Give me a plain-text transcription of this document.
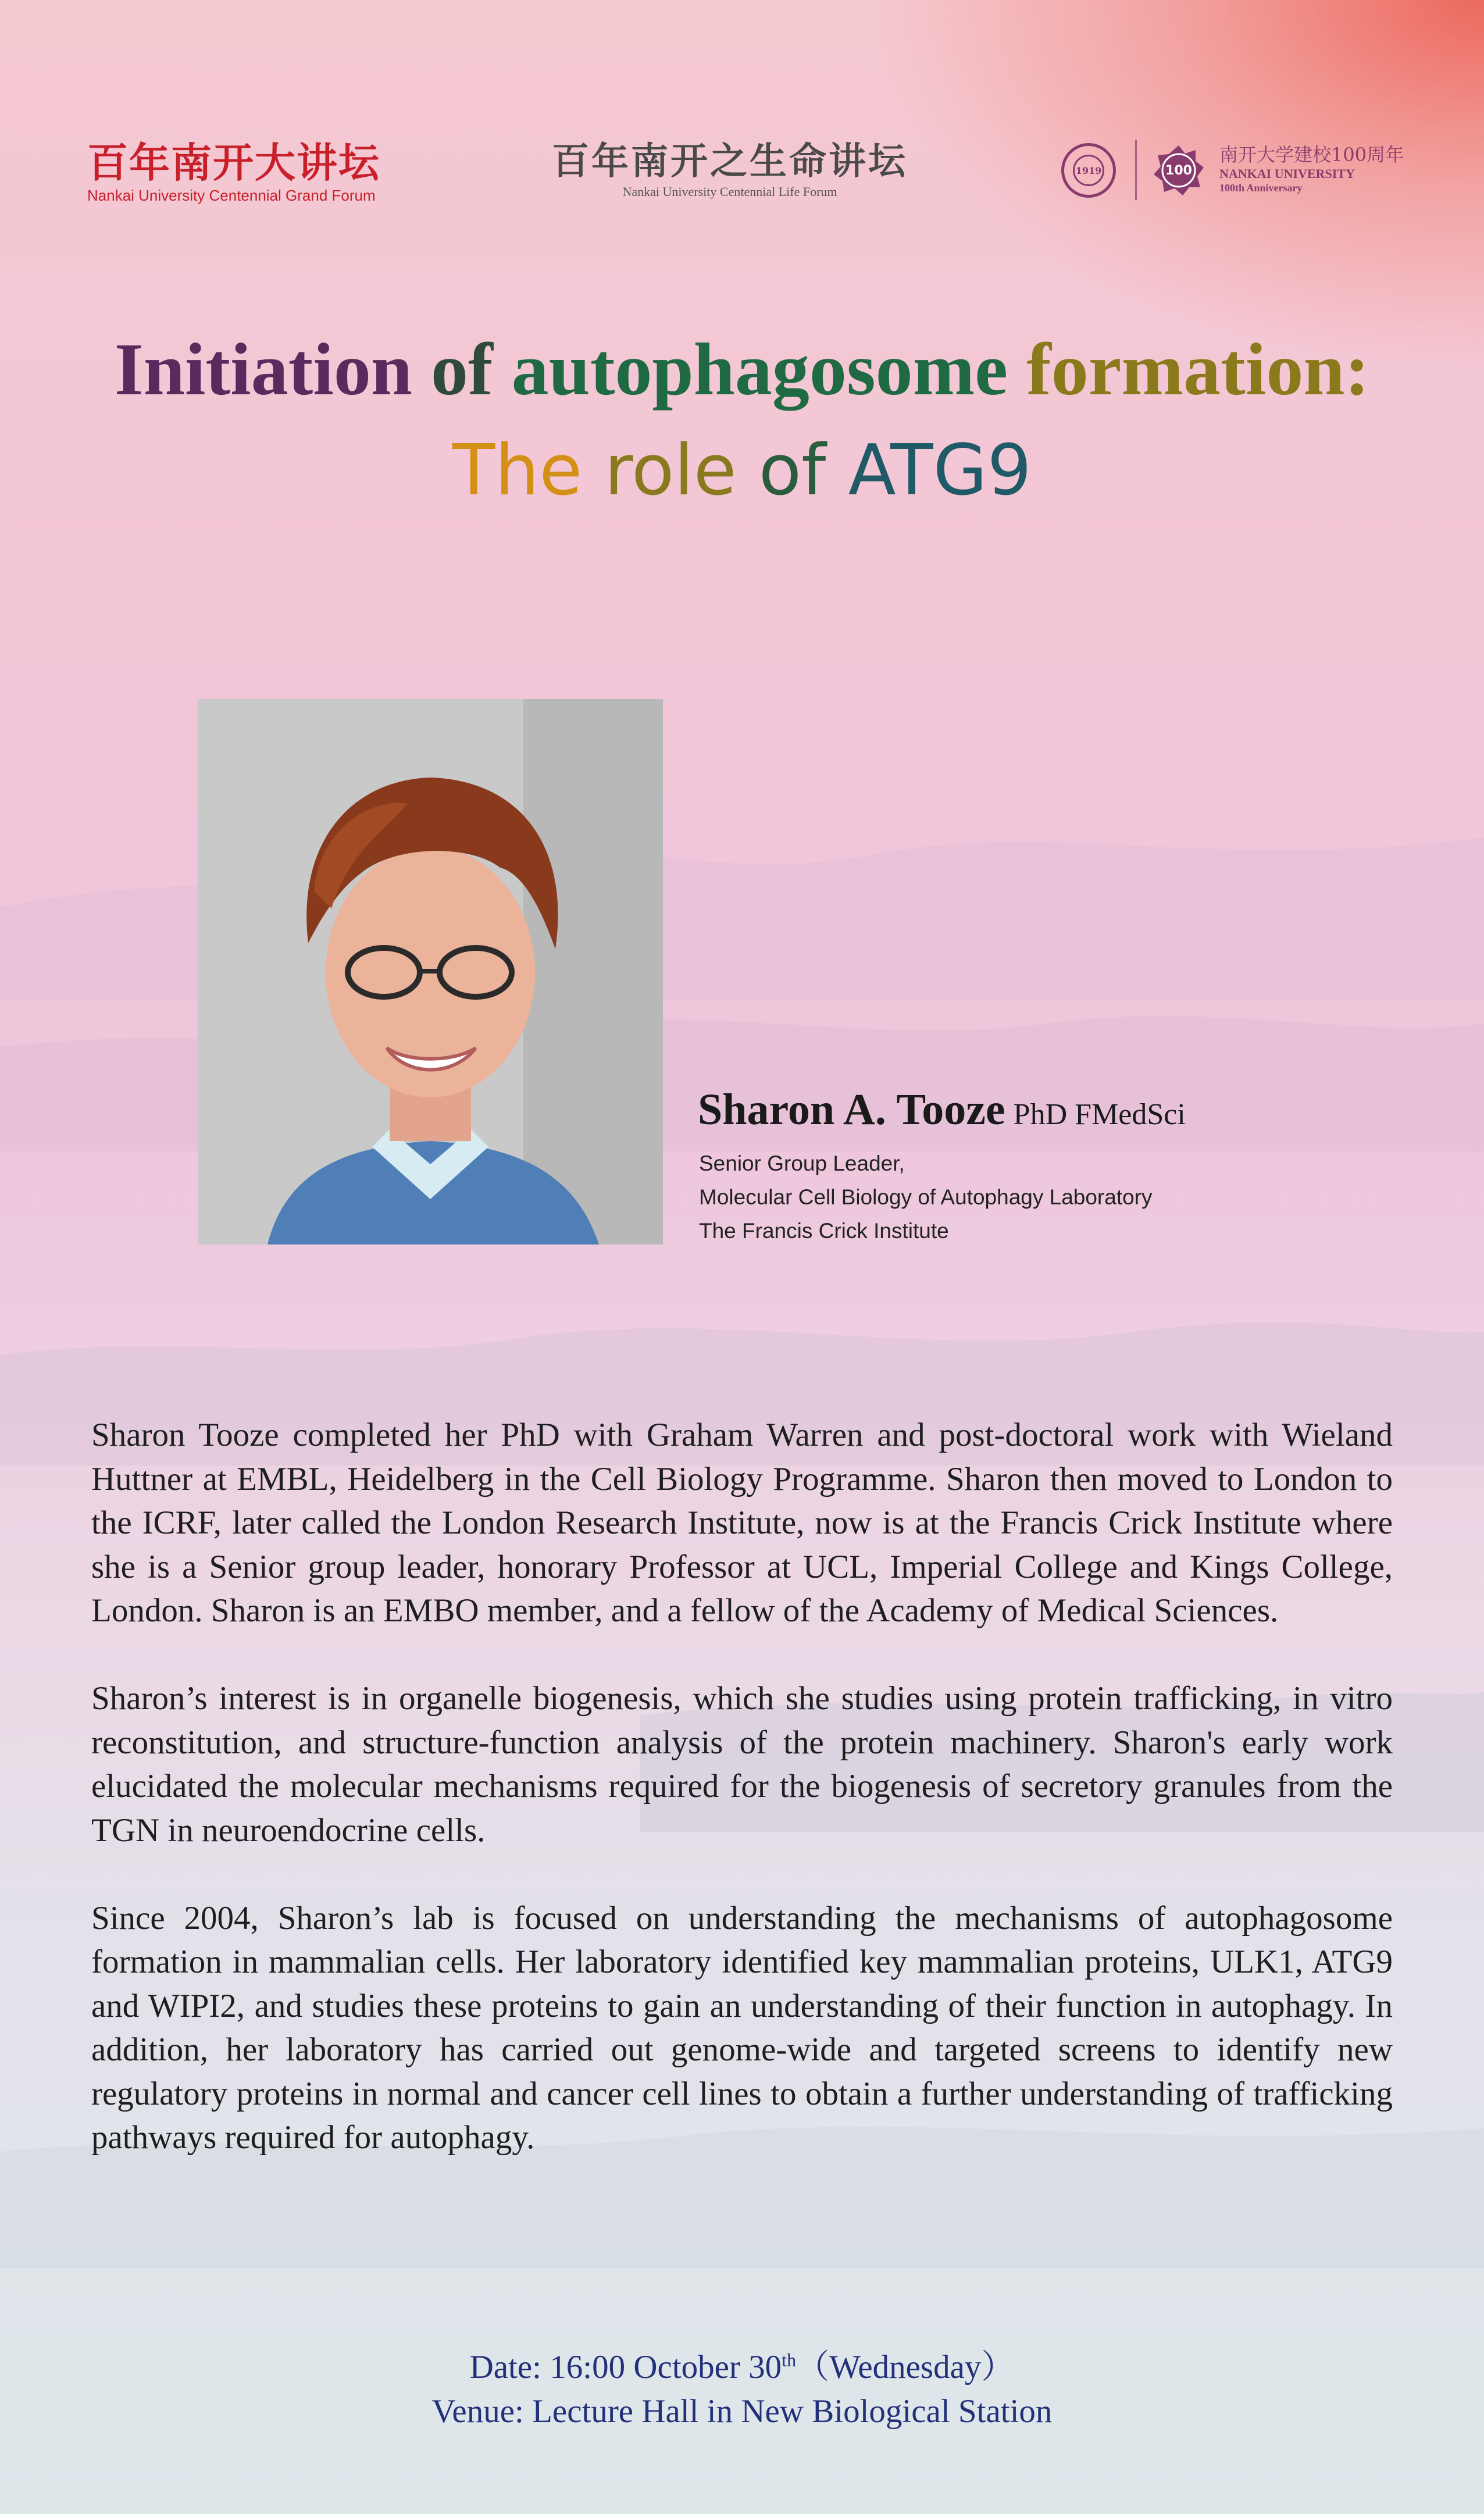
百年南开大讲坛
Nankai University Centennial Grand Forum
百年南开之生命讲坛
Nankai University Centennial Life Forum
1919	100
南开大学建校100周年
NANKAI UNIVERSITY
100th Anniversary
Initiation of autophagosome formation:
The role of ATG9
Sharon A. Tooze PhD FMedSci
Senior Group Leader,
Molecular Cell Biology of Autophagy Laboratory
The Francis Crick Institute

Sharon Tooze completed her PhD with Graham Warren and post-doctoral work with Wieland Huttner at EMBL, Heidelberg in the Cell Biology Programme. Sharon then moved to London to the ICRF, later called the London Research Institute, now is at the Francis Crick Institute where she is a Senior group leader, honorary Professor at UCL, Imperial College and Kings College, London. Sharon is an EMBO member, and a fellow of the Academy of Medical Sciences.

Sharon’s interest is in organelle biogenesis, which she studies using protein trafficking, in vitro reconstitution, and structure-function analysis of the protein machinery. Sharon's early work elucidated the molecular mechanisms required for the biogenesis of secretory granules from the TGN in neuroendocrine cells.

Since 2004, Sharon’s lab is focused on understanding the mechanisms of autophagosome formation in mammalian cells. Her laboratory identified key mammalian proteins, ULK1, ATG9 and WIPI2, and studies these proteins to gain an understanding of their function in autophagy. In addition, her laboratory has carried out genome-wide and targeted screens to identify new regulatory proteins in normal and cancer cell lines to obtain a further understanding of trafficking pathways required for autophagy.

Date: 16:00 October 30th（Wednesday）
Venue: Lecture Hall in New Biological Station
